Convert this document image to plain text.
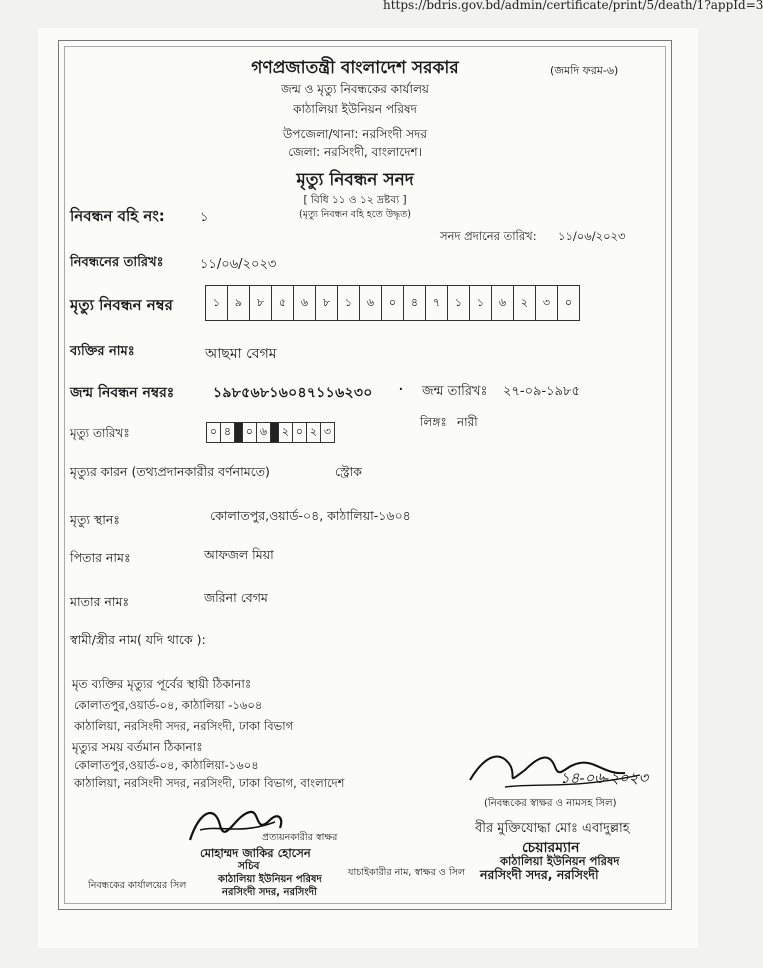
https://bdris.gov.bd/admin/certificate/print/5/death/1?appId=3
গণপ্রজাতন্ত্রী বাংলাদেশ সরকার	(জমদি ফরম-৬)
জন্ম ও মৃত্যু নিবন্ধকের কার্যালয়
কাঠালিয়া ইউনিয়ন পরিষদ
উপজেলা/থানা: নরসিংদী সদর
জেলা: নরসিংদী, বাংলাদেশ।
মৃত্যু নিবন্ধন সনদ
[ বিধি ১১ ও ১২ দ্রষ্টব্য ]
(মৃত্যু নিবন্ধন বহি হতে উদ্ধৃত)
নিবন্ধন বহি নং:	১
সনদ প্রদানের তারিখ: ১১/০৬/২০২৩
নিবন্ধনের তারিখঃ	১১/০৬/২০২৩
মৃত্যু নিবন্ধন নম্বর	১	৯	৮	৫	৬	৮	১	৬	০	৪	৭	১	১	৬	২	৩	০
ব্যক্তির নামঃ	আছমা বেগম
জন্ম নিবন্ধন নম্বরঃ	১৯৮৫৬৮১৬০৪৭১১৬২৩০ · জন্ম তারিখঃ ২৭-০৯-১৯৮৫
লিঙ্গঃ নারী
মৃত্যু তারিখঃ	০ ৪	০ ৬	২ ০ ২ ৩
মৃত্যুর কারন (তথ্যপ্রদানকারীর বর্ণনামতে)	স্ট্রোক
মৃত্যু স্থানঃ	কোলাতপুর,ওয়ার্ড-০৪, কাঠালিয়া-১৬০৪
পিতার নামঃ	আফজল মিয়া
মাতার নামঃ	জরিনা বেগম
স্বামী/স্ত্রীর নাম( যদি থাকে ):
মৃত ব্যক্তির মৃত্যুর পূর্বের স্থায়ী ঠিকানাঃ
কোলাতপুর,ওয়ার্ড-০৪, কাঠালিয়া -১৬০৪
কাঠালিয়া, নরসিংদী সদর, নরসিংদী, ঢাকা বিভাগ
মৃত্যুর সময় বর্তমান ঠিকানাঃ
কোলাতপুর,ওয়ার্ড-০৪, কাঠালিয়া-১৬০৪
কাঠালিয়া, নরসিংদী সদর, নরসিংদী, ঢাকা বিভাগ, বাংলাদেশ	১৪-০৬-২০২৩
(নিবন্ধকের স্বাক্ষর ও নামসহ সিল)
বীর মুক্তিযোদ্ধা মোঃ এবাদুল্লাহ
চেয়ারম্যান
কাঠালিয়া ইউনিয়ন পরিষদ
নরসিংদী সদর, নরসিংদী
প্রত্যয়নকারীর স্বাক্ষর
মোহাম্মদ জাকির হোসেন
সচিব
নিবন্ধকের কার্যালয়ের সিল
কাঠালিয়া ইউনিয়ন পরিষদ
নরসিংদী সদর, নরসিংদী
যাচাইকারীর নাম, স্বাক্ষর ও সিল
